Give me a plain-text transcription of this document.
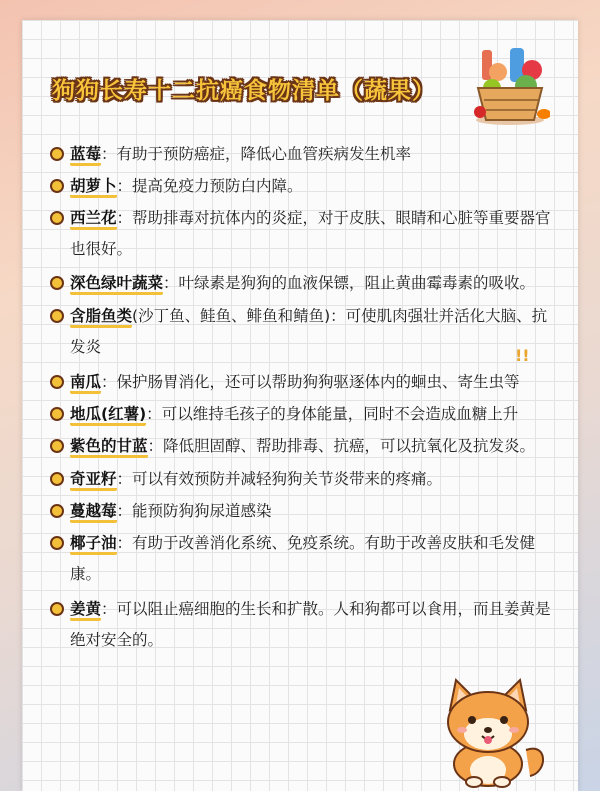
狗狗长寿十二抗癌食物清单（蔬果）
蓝莓：有助于预防癌症，降低心血管疾病发生机率
胡萝卜：提高免疫力预防白内障。
西兰花：帮助排毒对抗体内的炎症，对于皮肤、眼睛和心脏等重要器官也很好。
深色绿叶蔬菜：叶绿素是狗狗的血液保镖，阻止黄曲霉毒素的吸收。
含脂鱼类(沙丁鱼、鲑鱼、鲱鱼和鲭鱼)：可使肌肉强壮并活化大脑、抗发炎	!!
南瓜：保护肠胃消化，还可以帮助狗狗驱逐体内的蛔虫、寄生虫等
地瓜(红薯)：可以维持毛孩子的身体能量，同时不会造成血糖上升
紫色的甘蓝：降低胆固醇、帮助排毒、抗癌，可以抗氧化及抗发炎。
奇亚籽：可以有效预防并减轻狗狗关节炎带来的疼痛。
蔓越莓：能预防狗狗尿道感染
椰子油：有助于改善消化系统、免疫系统。有助于改善皮肤和毛发健康。
姜黄：可以阻止癌细胞的生长和扩散。人和狗都可以食用，而且姜黄是绝对安全的。
